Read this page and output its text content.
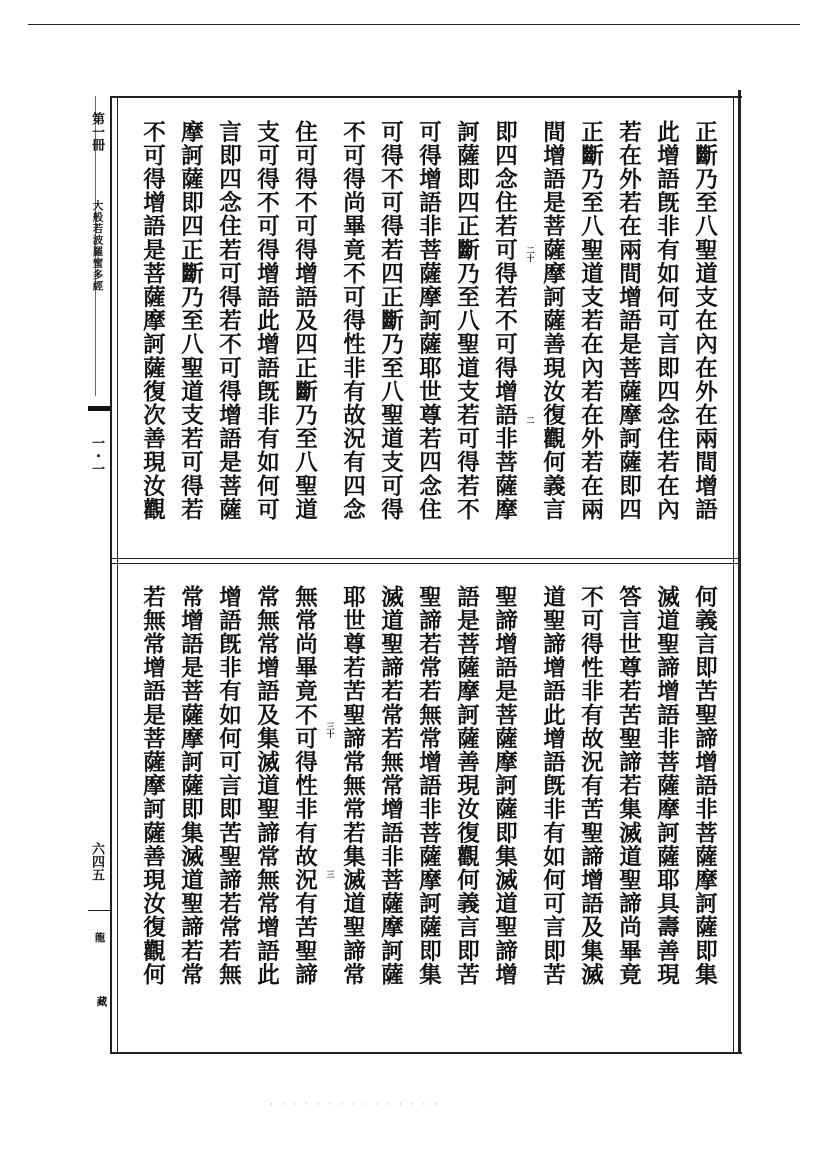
第一冊
大般若波羅蜜多經
一・一
六四五
龍
藏
正斷乃至八聖道支在內在外在兩間增語
此增語旣非有如何可言即四念住若在內
若在外若在兩間增語是菩薩摩訶薩即四
正斷乃至八聖道支若在內若在外若在兩
間增語是菩薩摩訶薩善現汝復觀何義言
即四念住若可得若不可得增語非菩薩摩
訶薩即四正斷乃至八聖道支若可得若不
可得增語非菩薩摩訶薩耶世尊若四念住
可得不可得若四正斷乃至八聖道支可得
不可得尚畢竟不可得性非有故況有四念
住可得不可得增語及四正斷乃至八聖道
支可得不可得增語此增語旣非有如何可
言即四念住若可得若不可得增語是菩薩
摩訶薩即四正斷乃至八聖道支若可得若
不可得增語是菩薩摩訶薩復次善現汝觀
何義言即苦聖諦增語非菩薩摩訶薩即集
滅道聖諦增語非菩薩摩訶薩耶具壽善現
答言世尊若苦聖諦若集滅道聖諦尚畢竟
不可得性非有故況有苦聖諦增語及集滅
道聖諦增語此增語旣非有如何可言即苦
聖諦增語是菩薩摩訶薩即集滅道聖諦增
語是菩薩摩訶薩善現汝復觀何義言即苦
聖諦若常若無常增語非菩薩摩訶薩即集
滅道聖諦若常若無常增語非菩薩摩訶薩
耶世尊若苦聖諦常無常若集滅道聖諦常
無常尚畢竟不可得性非有故況有苦聖諦
常無常增語及集滅道聖諦常無常增語此
增語旣非有如何可言即苦聖諦若常若無
常增語是菩薩摩訶薩即集滅道聖諦若常
若無常增語是菩薩摩訶薩善現汝復觀何
二十
二
三十
三
· · · · · · · · · · · · · · ·
